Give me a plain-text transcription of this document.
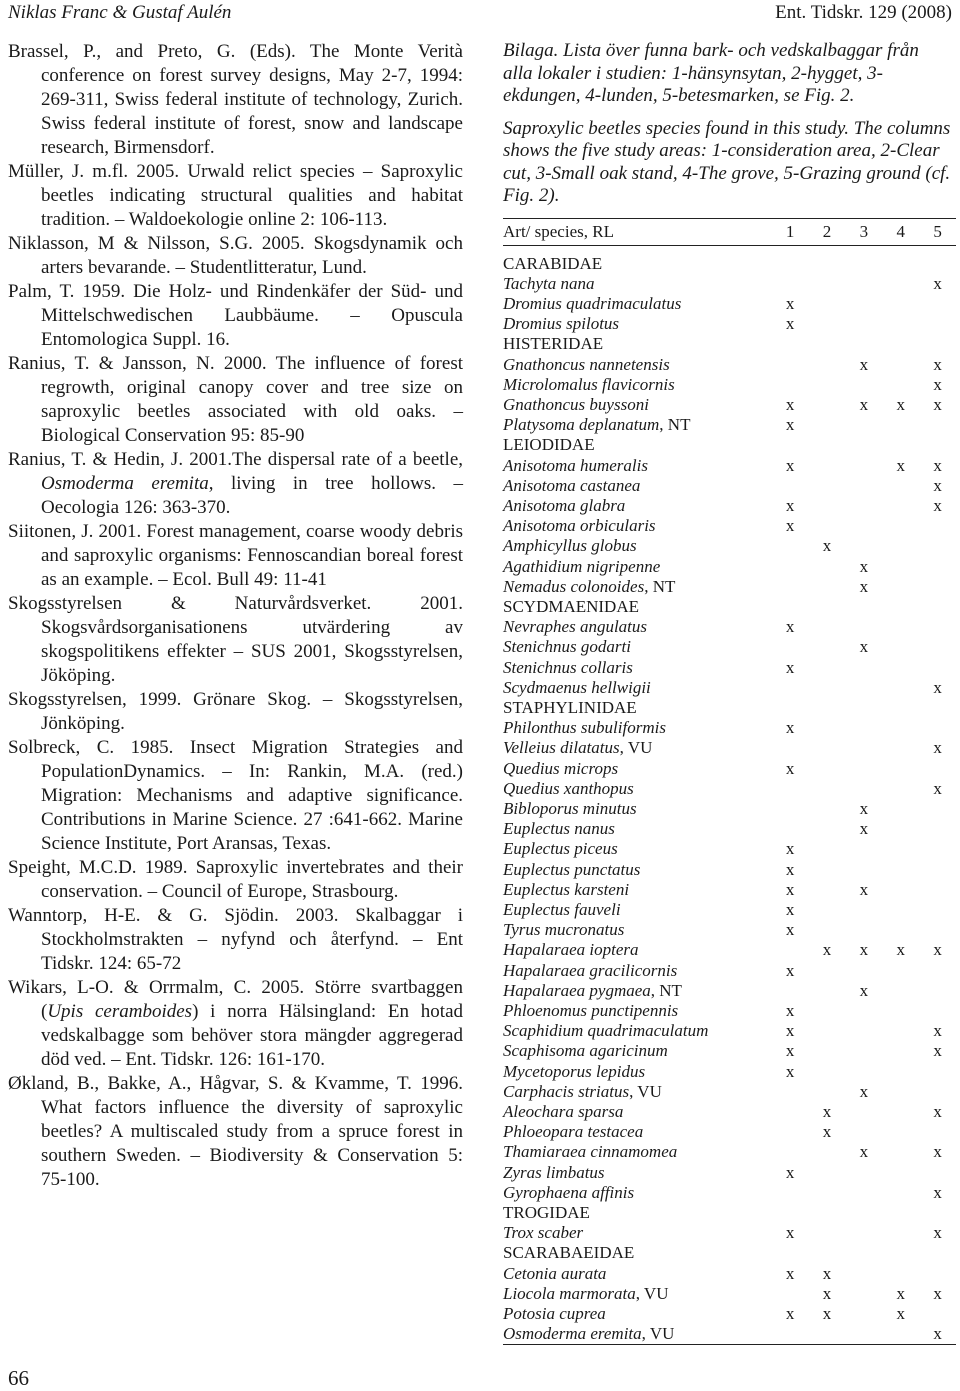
Niklas Franc & Gustaf Aulén	Ent. Tidskr. 129 (2008)

Brassel, P., and Preto, G. (Eds). The Monte Verità conference on forest survey designs, May 2-7, 1994: 269-311, Swiss federal institute of technology, Zurich. Swiss federal institute of forest, snow and landscape research, Birmensdorf.

Müller, J. m.fl. 2005. Urwald relict species – Saproxylic beetles indicating structural qualities and habitat tradition. – Waldoekologie online 2: 106-113.

Niklasson, M & Nilsson, S.G. 2005. Skogsdynamik och arters bevarande. – Studentlitteratur, Lund.

Palm, T. 1959. Die Holz- und Rindenkäfer der Süd- und Mittelschwedischen Laubbäume. – Opuscula Entomologica Suppl. 16.

Ranius, T. & Jansson, N. 2000. The influence of forest regrowth, original canopy cover and tree size on saproxylic beetles associated with old oaks. – Biological Conservation 95: 85-90

Ranius, T. & Hedin, J. 2001.The dispersal rate of a beetle, Osmoderma eremita, living in tree hollows. – Oecologia 126: 363-370.

Siitonen, J. 2001. Forest management, coarse woody debris and saproxylic organisms: Fennoscandian boreal forest as an example. – Ecol. Bull 49: 11-41

Skogsstyrelsen & Naturvårdsverket. 2001. Skogsvårdsorganisationens utvärdering av skogspolitikens effekter – SUS 2001, Skogsstyrelsen, Jököping.

Skogsstyrelsen, 1999. Grönare Skog. – Skogsstyrelsen, Jönköping.

Solbreck, C. 1985. Insect Migration Strategies and PopulationDynamics. – In: Rankin, M.A. (red.) Migration: Mechanisms and adaptive significance. Contributions in Marine Science. 27 :641-662. Marine Science Institute, Port Aransas, Texas.

Speight, M.C.D. 1989. Saproxylic invertebrates and their conservation. – Council of Europe, Strasbourg.

Wanntorp, H-E. & G. Sjödin. 2003. Skalbaggar i Stockholmstrakten – nyfynd och återfynd. – Ent Tidskr. 124: 65-72

Wikars, L-O. & Orrmalm, C. 2005. Större svartbaggen (Upis ceramboides) i norra Hälsingland: En hotad vedskalbagge som behöver stora mängder aggregerad död ved. – Ent. Tidskr. 126: 161-170.

Økland, B., Bakke, A., Hågvar, S. & Kvamme, T. 1996. What factors influence the diversity of saproxylic beetles? A multiscaled study from a spruce forest in southern Sweden. – Biodiversity & Conservation 5: 75-100.

66

Bilaga. Lista över funna bark- och vedskalbaggar från alla lokaler i studien: 1-hänsynsytan, 2-hygget, 3-ekdungen, 4-lunden, 5-betesmarken, se Fig. 2.

Saproxylic beetles species found in this study. The columns shows the five study areas: 1-consideration area, 2-Clear cut, 3-Small oak stand, 4-The grove, 5-Grazing ground (cf. Fig. 2).

Art/ species, RL	1	2	3	4	5

CARABIDAE					
Tachyta nana					x
Dromius quadrimaculatus	x				
Dromius spilotus	x				
HISTERIDAE					
Gnathoncus nannetensis			x		x
Microlomalus flavicornis					x
Gnathoncus buyssoni	x		x	x	x
Platysoma deplanatum, NT	x				
LEIODIDAE					
Anisotoma humeralis	x			x	x
Anisotoma castanea					x
Anisotoma glabra	x				x
Anisotoma orbicularis	x				
Amphicyllus globus		x			
Agathidium nigripenne			x		
Nemadus colonoides, NT			x		
SCYDMAENIDAE					
Nevraphes angulatus	x				
Stenichnus godarti			x		
Stenichnus collaris	x				
Scydmaenus hellwigii					x
STAPHYLINIDAE					
Philonthus subuliformis	x				
Velleius dilatatus, VU					x
Quedius microps	x				
Quedius xanthopus					x
Bibloporus minutus			x		
Euplectus nanus			x		
Euplectus piceus	x				
Euplectus punctatus	x				
Euplectus karsteni	x		x		
Euplectus fauveli	x				
Tyrus mucronatus	x				
Hapalaraea ioptera		x	x	x	x
Hapalaraea gracilicornis	x				
Hapalaraea pygmaea, NT			x		
Phloenomus punctipennis	x				
Scaphidium quadrimaculatum	x				x
Scaphisoma agaricinum	x				x
Mycetoporus lepidus	x				
Carphacis striatus, VU			x		
Aleochara sparsa		x			x
Phloeopara testacea		x			
Thamiaraea cinnamomea			x		x
Zyras limbatus	x				
Gyrophaena affinis					x
TROGIDAE					
Trox scaber	x				x
SCARABAEIDAE					
Cetonia aurata	x	x			
Liocola marmorata, VU		x		x	x
Potosia cuprea	x	x		x	
Osmoderma eremita, VU					x
